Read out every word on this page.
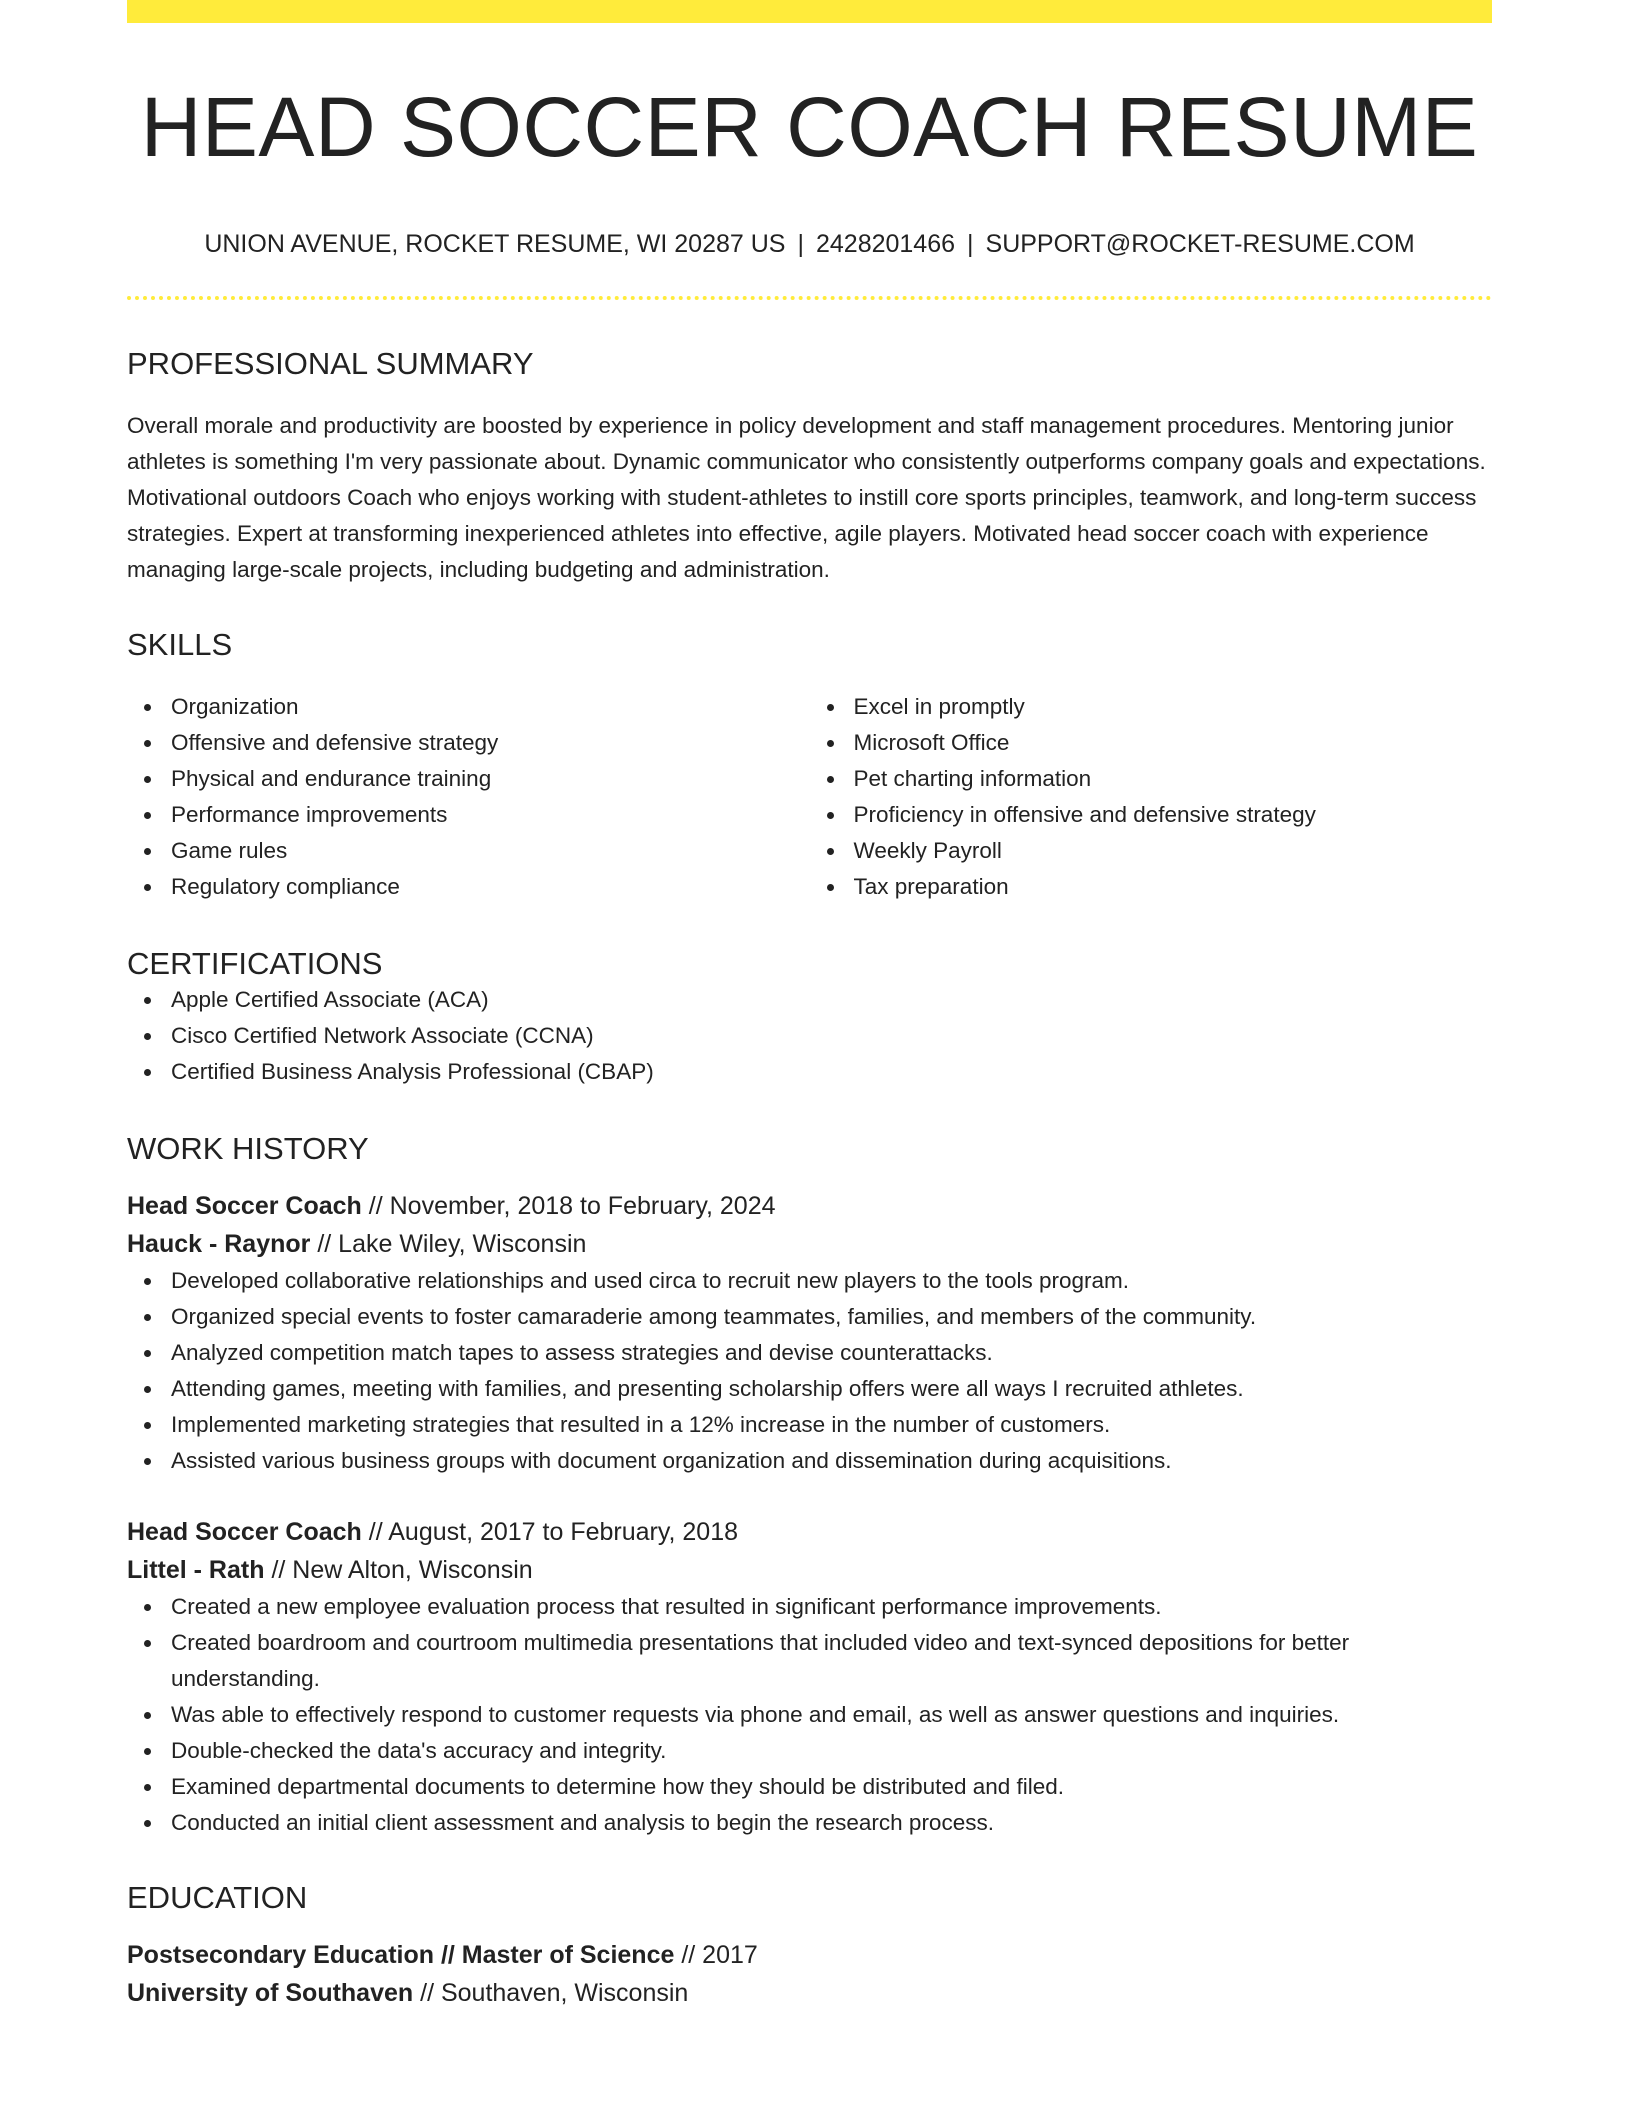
HEAD SOCCER COACH RESUME
UNION AVENUE, ROCKET RESUME, WI 20287 US | 2428201466 | SUPPORT@ROCKET-RESUME.COM
PROFESSIONAL SUMMARY
Overall morale and productivity are boosted by experience in policy development and staff management procedures. Mentoring junior athletes is something I'm very passionate about. Dynamic communicator who consistently outperforms company goals and expectations. Motivational outdoors Coach who enjoys working with student-athletes to instill core sports principles, teamwork, and long-term success strategies. Expert at transforming inexperienced athletes into effective, agile players. Motivated head soccer coach with experience managing large-scale projects, including budgeting and administration.
SKILLS
Organization
Offensive and defensive strategy
Physical and endurance training
Performance improvements
Game rules
Regulatory compliance
Excel in promptly
Microsoft Office
Pet charting information
Proficiency in offensive and defensive strategy
Weekly Payroll
Tax preparation
CERTIFICATIONS
Apple Certified Associate (ACA)
Cisco Certified Network Associate (CCNA)
Certified Business Analysis Professional (CBAP)
WORK HISTORY
Head Soccer Coach // November, 2018 to February, 2024
Hauck - Raynor // Lake Wiley, Wisconsin
Developed collaborative relationships and used circa to recruit new players to the tools program.
Organized special events to foster camaraderie among teammates, families, and members of the community.
Analyzed competition match tapes to assess strategies and devise counterattacks.
Attending games, meeting with families, and presenting scholarship offers were all ways I recruited athletes.
Implemented marketing strategies that resulted in a 12% increase in the number of customers.
Assisted various business groups with document organization and dissemination during acquisitions.
Head Soccer Coach // August, 2017 to February, 2018
Littel - Rath // New Alton, Wisconsin
Created a new employee evaluation process that resulted in significant performance improvements.
Created boardroom and courtroom multimedia presentations that included video and text-synced depositions for better understanding.
Was able to effectively respond to customer requests via phone and email, as well as answer questions and inquiries.
Double-checked the data's accuracy and integrity.
Examined departmental documents to determine how they should be distributed and filed.
Conducted an initial client assessment and analysis to begin the research process.
EDUCATION
Postsecondary Education // Master of Science // 2017
University of Southaven // Southaven, Wisconsin
